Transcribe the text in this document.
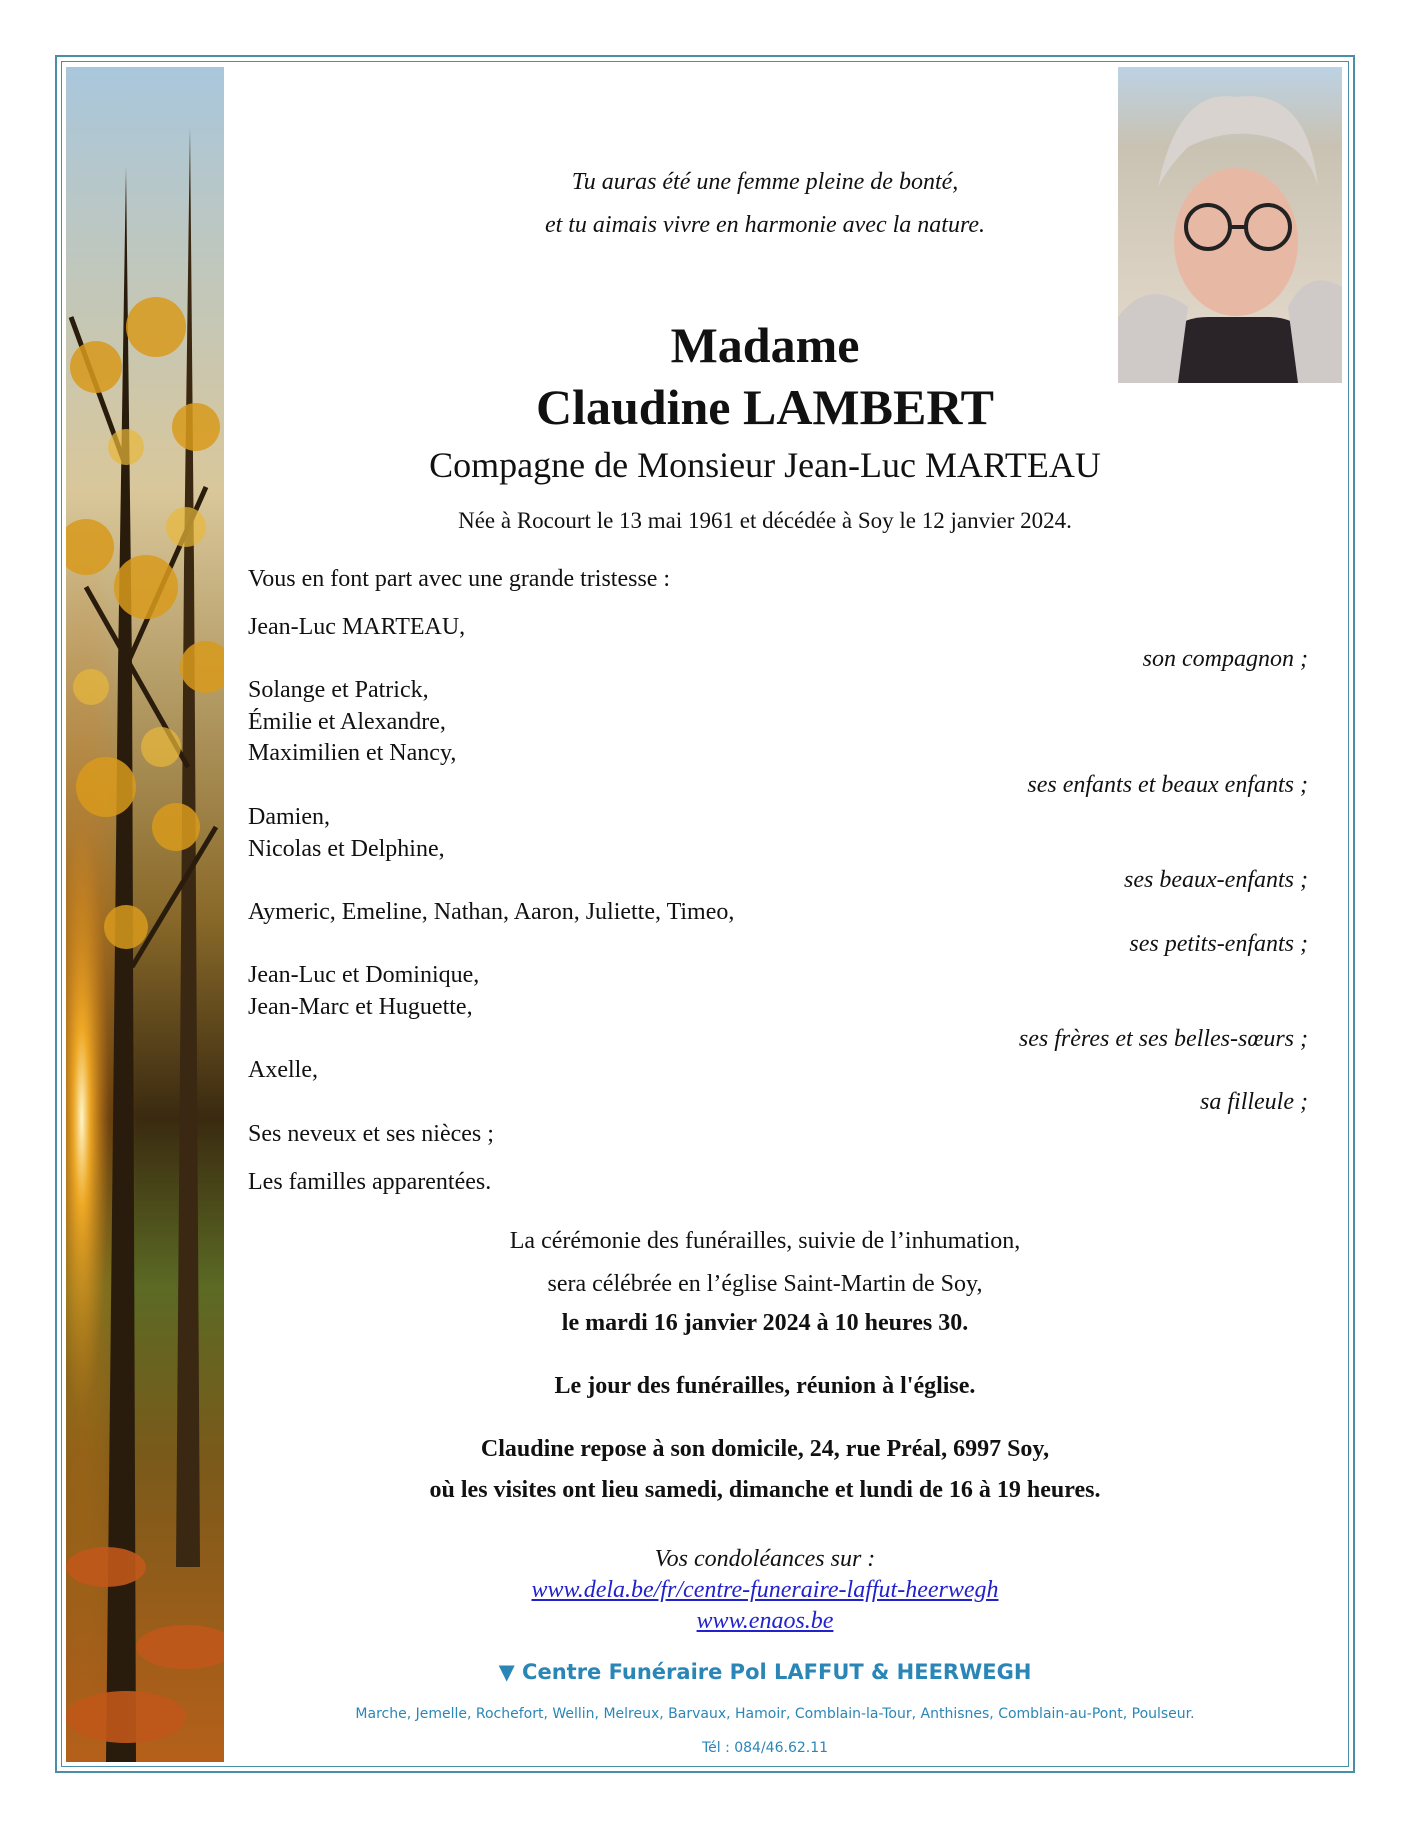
Tu auras été une femme pleine de bonté,
et tu aimais vivre en harmonie avec la nature.
Madame
Claudine LAMBERT
Compagne de Monsieur Jean-Luc MARTEAU
Née à Rocourt le 13 mai 1961 et décédée à Soy le 12 janvier 2024.
Vous en font part avec une grande tristesse :
Jean-Luc MARTEAU,
son compagnon ;
Solange et Patrick,
Émilie et Alexandre,
Maximilien et Nancy,
ses enfants et beaux enfants ;
Damien,
Nicolas et Delphine,
ses beaux-enfants ;
Aymeric, Emeline, Nathan, Aaron, Juliette, Timeo,
ses petits-enfants ;
Jean-Luc et Dominique,
Jean-Marc et Huguette,
ses frères et ses belles-sœurs ;
Axelle,
sa filleule ;
Ses neveux et ses nièces ;
Les familles apparentées.
La cérémonie des funérailles, suivie de l’inhumation,
sera célébrée en l’église Saint-Martin de Soy,
le mardi 16 janvier 2024 à 10 heures 30.
Le jour des funérailles, réunion à l'église.
Claudine repose à son domicile, 24, rue Préal, 6997 Soy,
où les visites ont lieu samedi, dimanche et lundi de 16 à 19 heures.
Vos condoléances sur :
www.dela.be/fr/centre-funeraire-laffut-heerwegh
www.enaos.be
▼ Centre Funéraire Pol LAFFUT & HEERWEGH
Marche, Jemelle, Rochefort, Wellin, Melreux, Barvaux, Hamoir, Comblain-la-Tour, Anthisnes, Comblain-au-Pont, Poulseur.
Tél : 084/46.62.11
